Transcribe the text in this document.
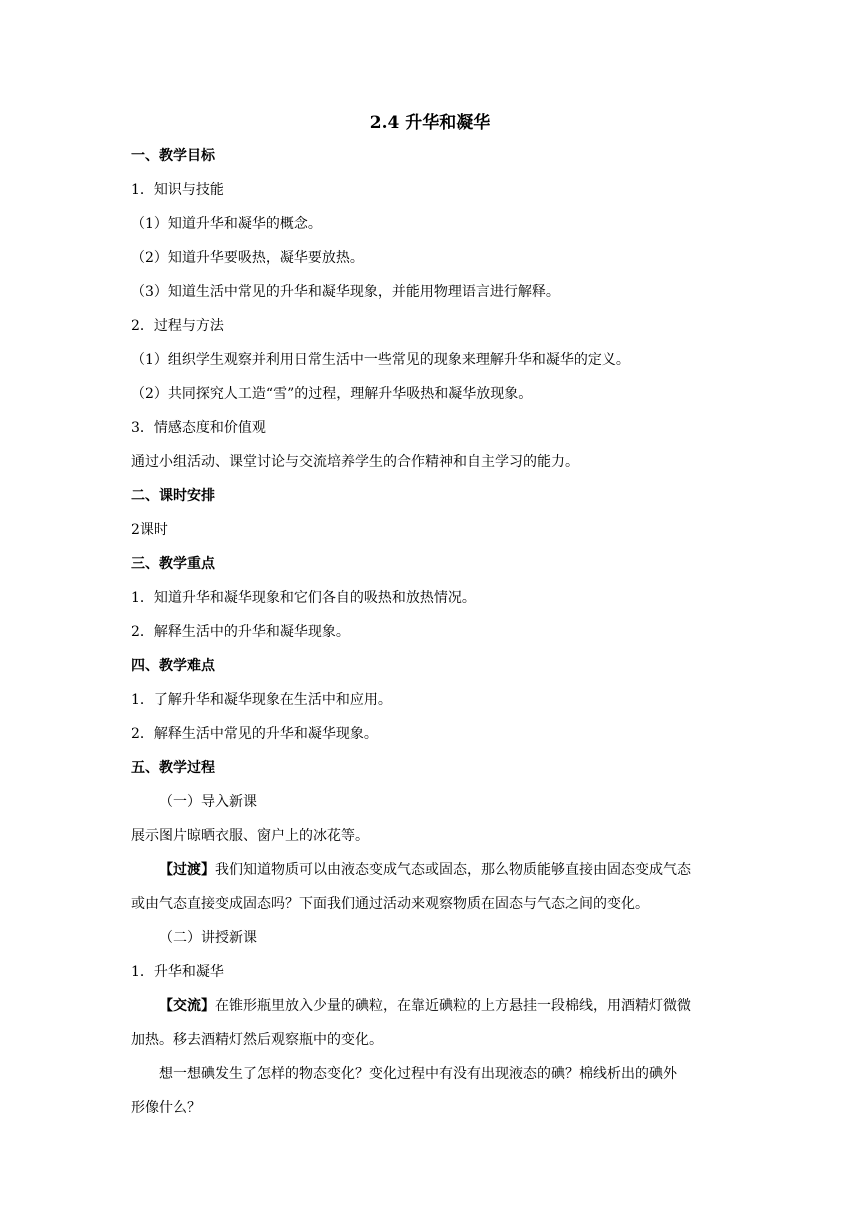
2.4 升华和凝华
一、教学目标
1．知识与技能
（1）知道升华和凝华的概念。
（2）知道升华要吸热，凝华要放热。
（3）知道生活中常见的升华和凝华现象，并能用物理语言进行解释。
2．过程与方法
（1）组织学生观察并利用日常生活中一些常见的现象来理解升华和凝华的定义。
（2）共同探究人工造“雪”的过程，理解升华吸热和凝华放现象。
3．情感态度和价值观
通过小组活动、课堂讨论与交流培养学生的合作精神和自主学习的能力。
二、课时安排
2课时
三、教学重点
1．知道升华和凝华现象和它们各自的吸热和放热情况。
2．解释生活中的升华和凝华现象。
四、教学难点
1．了解升华和凝华现象在生活中和应用。
2．解释生活中常见的升华和凝华现象。
五、教学过程
（一）导入新课
展示图片晾晒衣服、窗户上的冰花等。
【过渡】我们知道物质可以由液态变成气态或固态，那么物质能够直接由固态变成气态
或由气态直接变成固态吗？下面我们通过活动来观察物质在固态与气态之间的变化。
（二）讲授新课
1．升华和凝华
【交流】在锥形瓶里放入少量的碘粒，在靠近碘粒的上方悬挂一段棉线，用酒精灯微微
加热。移去酒精灯然后观察瓶中的变化。
想一想碘发生了怎样的物态变化？变化过程中有没有出现液态的碘？棉线析出的碘外
形像什么？
